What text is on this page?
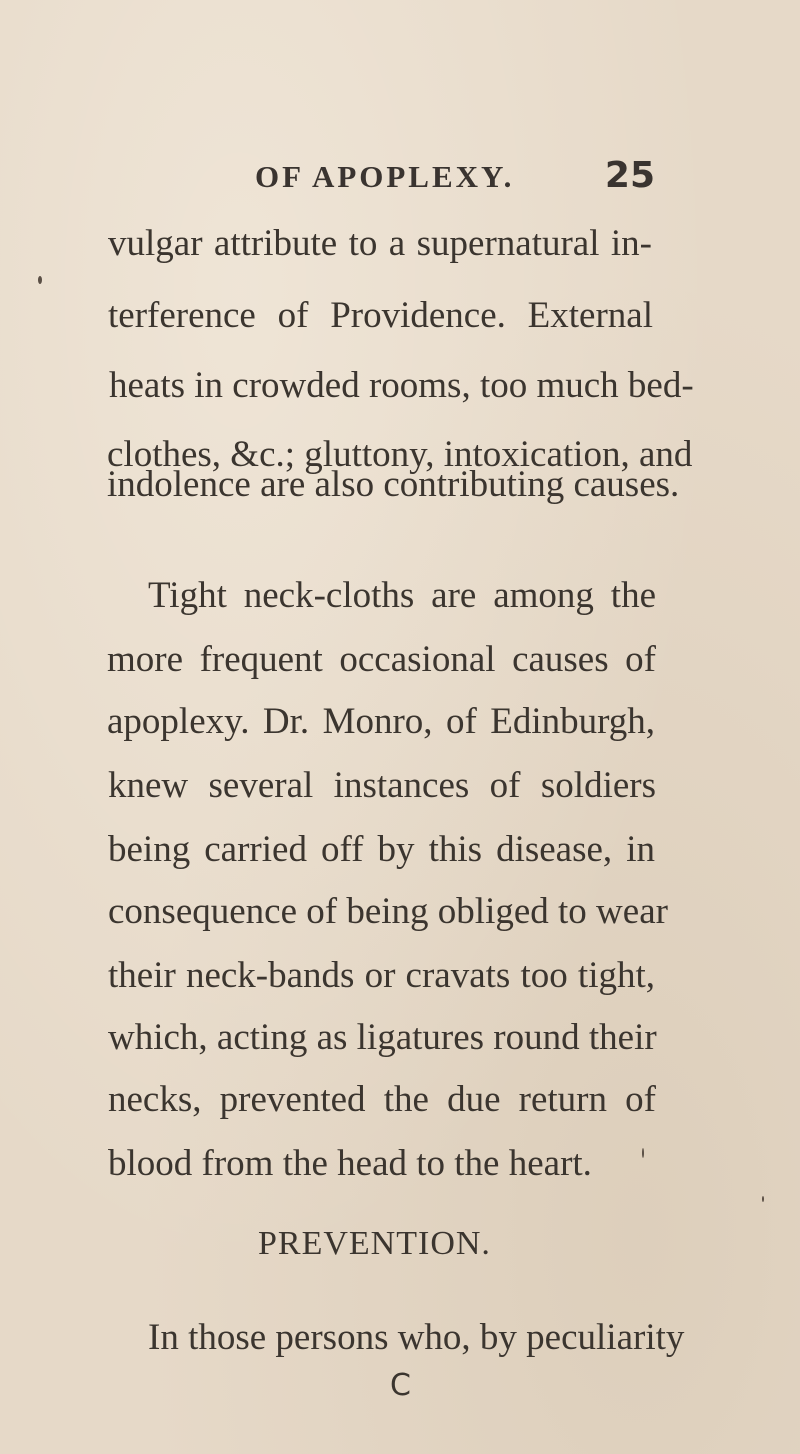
OF APOPLEXY.	25

vulgar attribute to a supernatural in-

terference of Providence. External

heats in crowded rooms, too much bed-

clothes, &c.; gluttony, intoxication, and

indolence are also contributing causes.

Tight neck-cloths are among the

more frequent occasional causes of

apoplexy. Dr. Monro, of Edinburgh,

knew several instances of soldiers

being carried off by this disease, in

consequence of being obliged to wear

their neck-bands or cravats too tight,

which, acting as ligatures round their

necks, prevented the due return of

blood from the head to the heart.

PREVENTION.

In those persons who, by peculiarity

C
